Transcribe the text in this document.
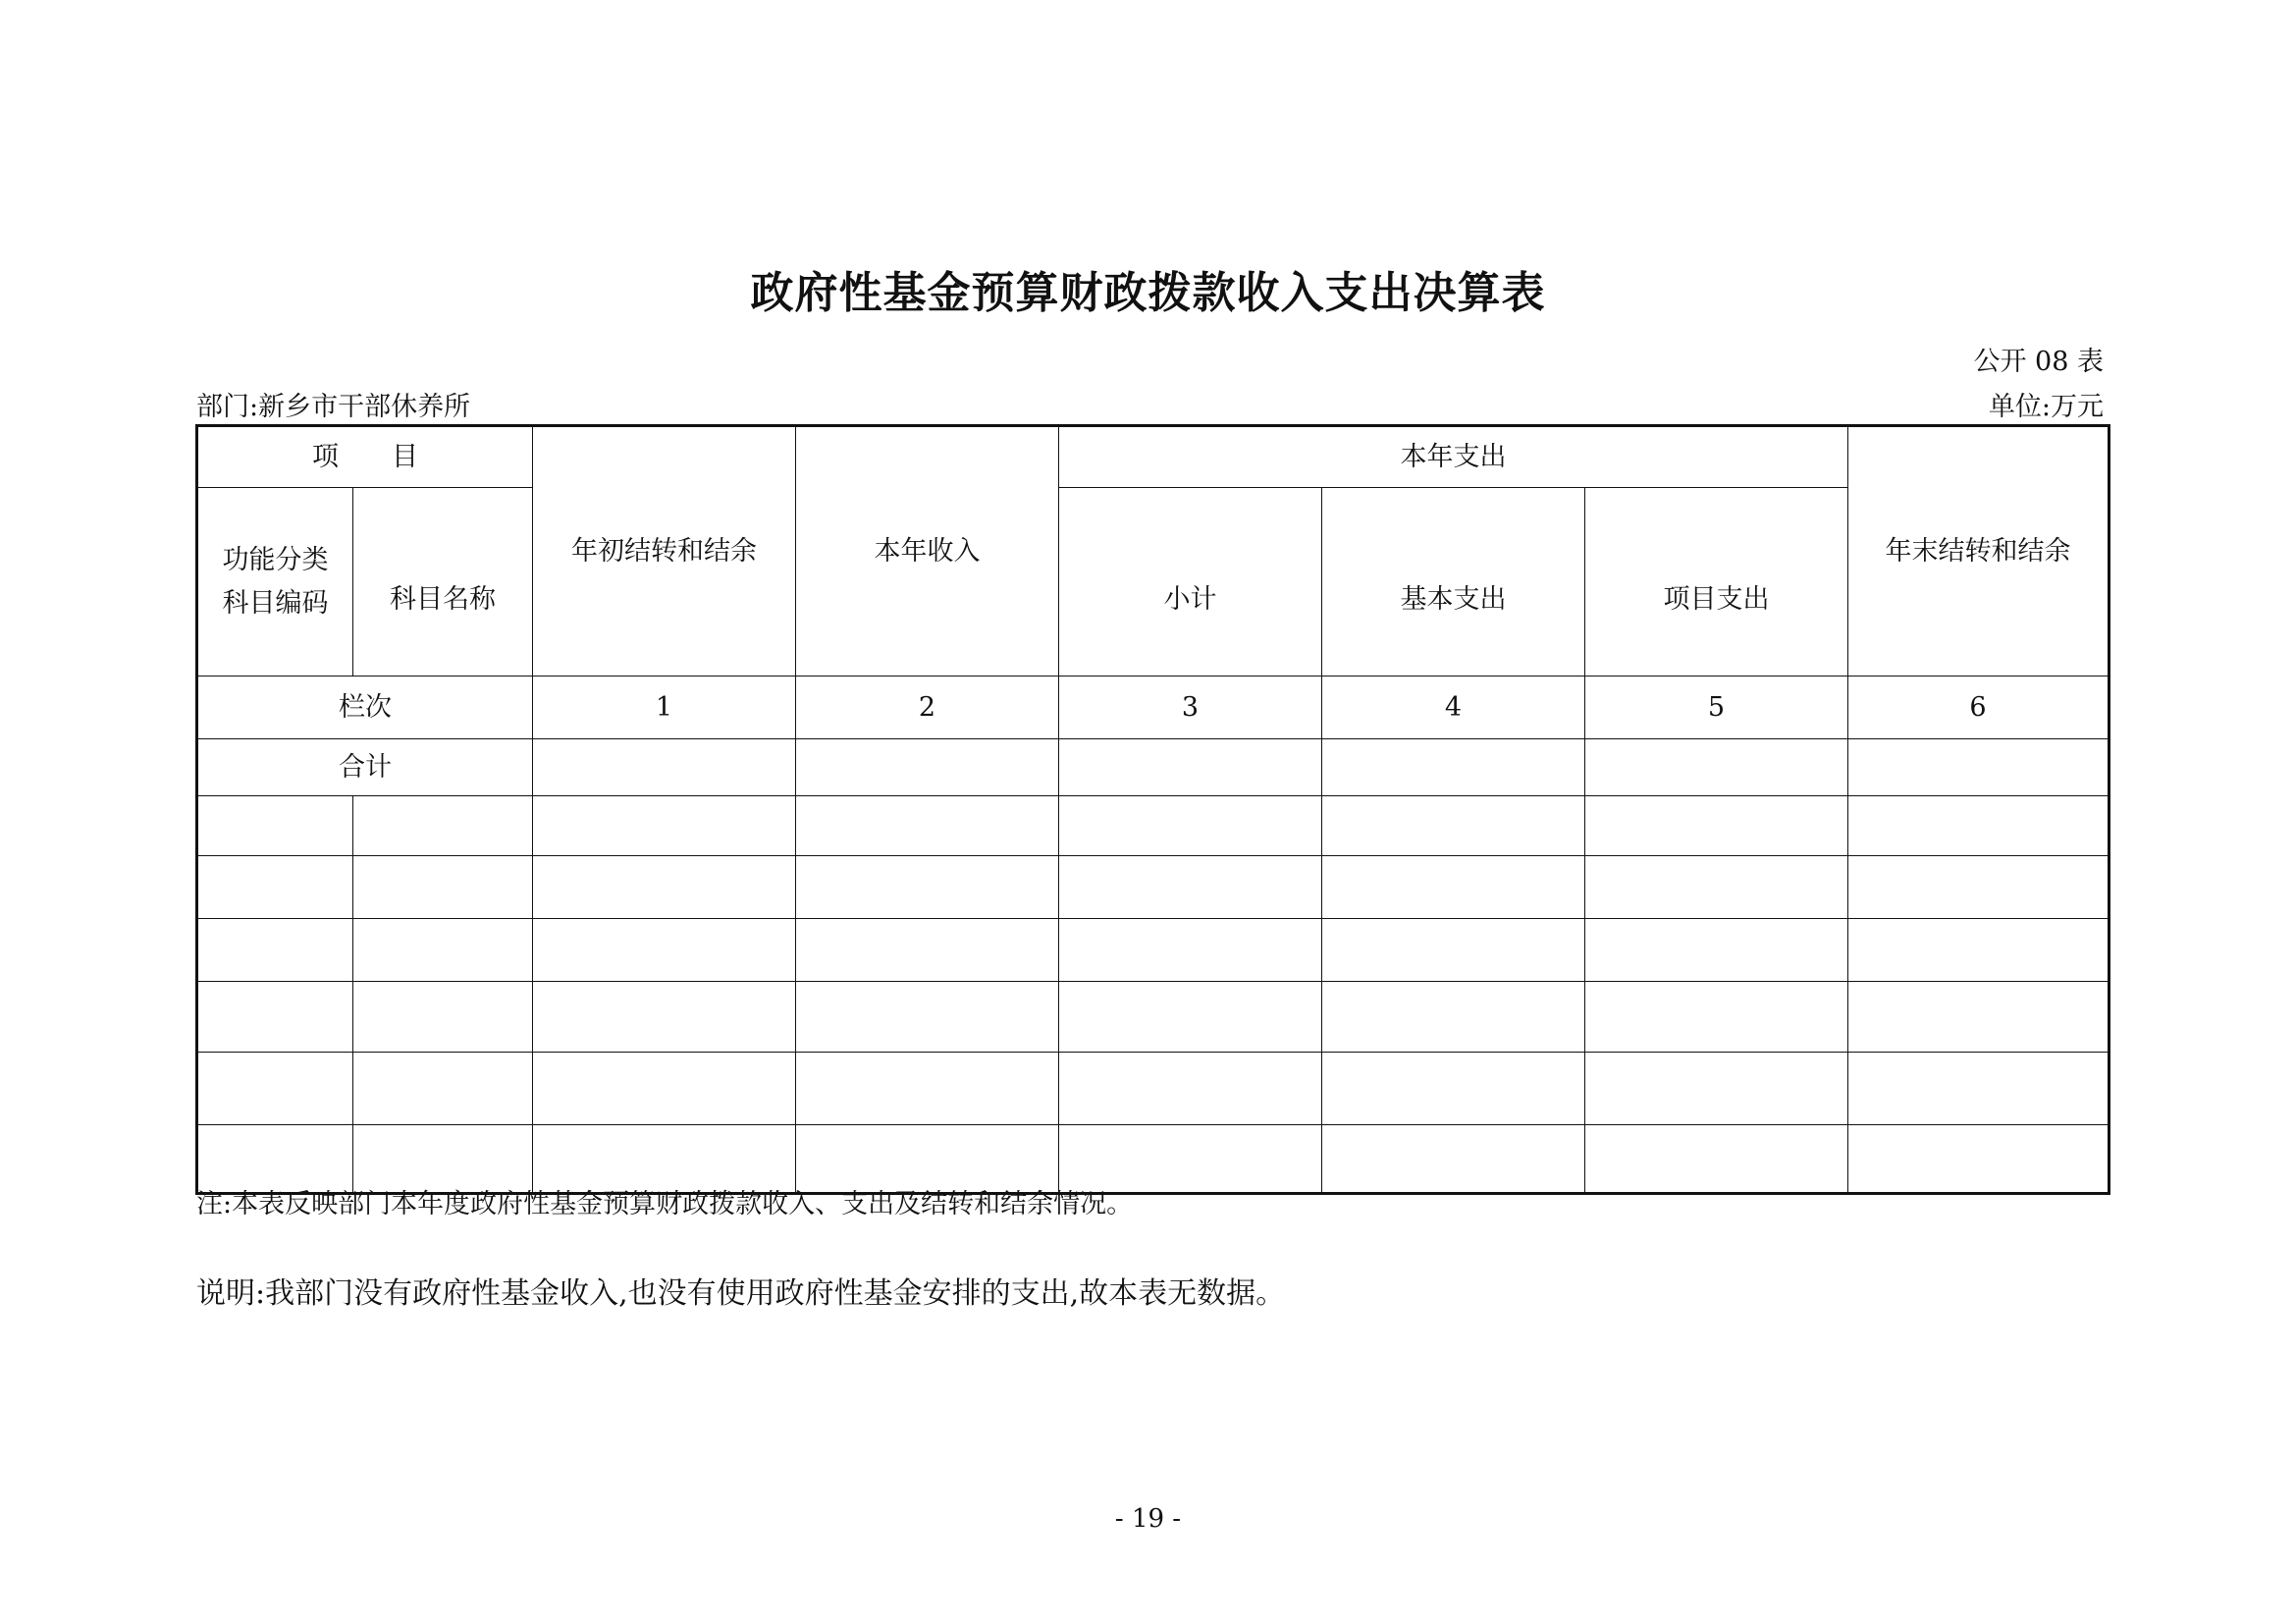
政府性基金预算财政拨款收入支出决算表
公开 08 表
部门:新乡市干部休养所	单位:万元
项　　目		年初结转和结余	本年收入	本年支出			年末结转和结余
功能分类科目编码	科目名称			小计	基本支出	项目支出	
栏次		1	2	3	4	5	6
合计							

注:本表反映部门本年度政府性基金预算财政拨款收入、支出及结转和结余情况。
说明:我部门没有政府性基金收入,也没有使用政府性基金安排的支出,故本表无数据。
- 19 -
